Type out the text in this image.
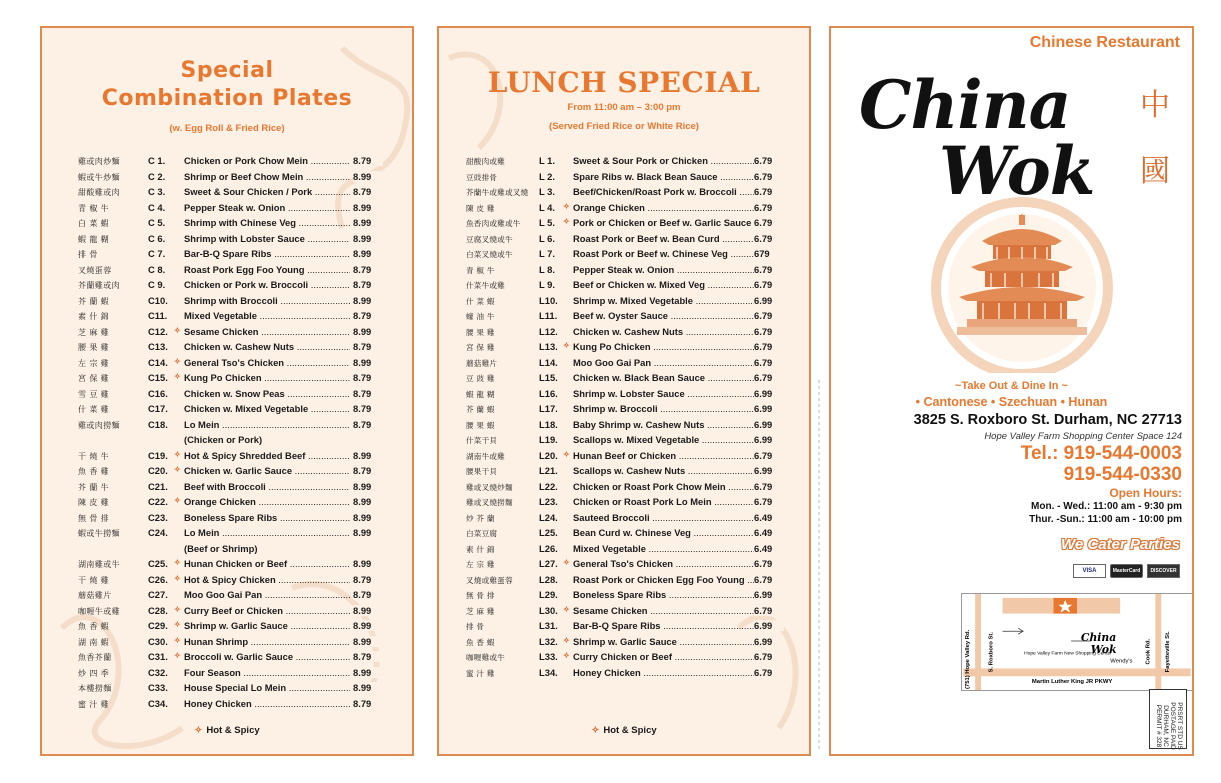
Special
Combination Plates
(w. Egg Roll & Fried Rice)
雞或肉炒麵	C 1.	Chicken or Pork Chow Mein .....	8.79
蝦或牛炒麵	C 2.	Shrimp or Beef Chow Mein .....	8.99
甜酸雞或肉	C 3.	Sweet & Sour Chicken / Pork .....	8.79
青 椒 牛	C 4.	Pepper Steak w. Onion .....	8.99
白 菜 蝦	C 5.	Shrimp with Chinese Veg .....	8.99
蝦 龍 糊	C 6.	Shrimp with Lobster Sauce .....	8.99
排 骨	C 7.	Bar-B-Q Spare Ribs .....	8.99
叉燒蛋蓉	C 8.	Roast Pork Egg Foo Young .....	8.79
芥蘭雞或肉	C 9.	Chicken or Pork w. Broccoli .....	8.79
芥 蘭 蝦	C10.	Shrimp with Broccoli .....	8.99
素 什 錦	C11.	Mixed Vegetable .....	8.79
芝 麻 雞	C12. ✧ Sesame Chicken .....	8.99
腰 果 雞	C13.	Chicken w. Cashew Nuts .....	8.79
左 宗 雞	C14. ✧ General Tso's Chicken .....	8.99
宮 保 雞	C15. ✧ Kung Po Chicken .....	8.79
雪 豆 雞	C16.	Chicken w. Snow Peas .....	8.79
什 菜 雞	C17.	Chicken w. Mixed Vegetable .....	8.79
雞或肉撈麵	C18.	Lo Mein .....	8.79
(Chicken or Pork)
干 燒 牛	C19. ✧ Hot & Spicy Shredded Beef .....	8.99
魚 香 雞	C20. ✧ Chicken w. Garlic Sauce .....	8.79
芥 蘭 牛	C21.	Beef with Broccoli .....	8.99
陳 皮 雞	C22. ✧ Orange Chicken .....	8.99
無 骨 排	C23.	Boneless Spare Ribs .....	8.99
蝦或牛撈麵	C24.	Lo Mein .....	8.99
(Beef or Shrimp)
湖南雞或牛	C25. ✧ Hunan Chicken or Beef .....	8.99
干 燒 雞	C26. ✧ Hot & Spicy Chicken .....	8.79
蘑菇雞片	C27.	Moo Goo Gai Pan .....	8.79
咖喱牛或雞	C28. ✧ Curry Beef or Chicken .....	8.99
魚 香 蝦	C29. ✧ Shrimp w. Garlic Sauce .....	8.99
湖 南 蝦	C30. ✧ Hunan Shrimp .....	8.99
魚香芥蘭	C31. ✧ Broccoli w. Garlic Sauce .....	8.79
炒 四 季	C32.	Four Season .....	8.99
本樓撈麵	C33.	House Special Lo Mein .....	8.99
蜜 汁 雞	C34.	Honey Chicken .....	8.79
✧ Hot & Spicy
LUNCH SPECIAL
From 11:00 am – 3:00 pm
(Served Fried Rice or White Rice)
甜酸肉或雞	L 1.	Sweet & Sour Pork or Chicken .....	6.79
豆豉排骨	L 2.	Spare Ribs w. Black Bean Sauce .....	6.79
芥蘭牛或雞或叉燒	L 3.	Beef/Chicken/Roast Pork w. Broccoli .....	6.79
陳 皮 雞	L 4.	✧ Orange Chicken .....	6.79
魚香肉或雞或牛	L 5.	✧ Pork or Chicken or Beef w. Garlic Sauce ..... 6.79
豆腐叉燒或牛	L 6.	Roast Pork or Beef w. Bean Curd .....	6.79
白菜叉燒或牛	L 7.	Roast Pork or Beef w. Chinese Veg .....	679
青 椒 牛	L 8.	Pepper Steak w. Onion .....	6.79
什菜牛或雞	L 9.	Beef or Chicken w. Mixed Veg .....	6.79
什 菜 蝦	L10.	Shrimp w. Mixed Vegetable .....	6.99
蠔 油 牛	L11.	Beef w. Oyster Sauce .....	6.79
腰 果 雞	L12.	Chicken w. Cashew Nuts .....	6.79
宮 保 雞	L13. ✧ Kung Po Chicken .....	6.79
蘑菇雞片	L14.	Moo Goo Gai Pan .....	6.79
豆 豉 雞	L15.	Chicken w. Black Bean Sauce .....	6.79
蝦 龍 糊	L16.	Shrimp w. Lobster Sauce .....	6.99
芥 蘭 蝦	L17.	Shrimp w. Broccoli .....	6.99
腰 果 蝦	L18.	Baby Shrimp w. Cashew Nuts .....	6.99
什菜干貝	L19.	Scallops w. Mixed Vegetable .....	6.99
湖南牛或雞	L20. ✧ Hunan Beef or Chicken .....	6.79
腰果干貝	L21.	Scallops w. Cashew Nuts .....	6.99
雞或叉燒炒麵	L22.	Chicken or Roast Pork Chow Mein .....	6.79
雞或叉燒撈麵	L23.	Chicken or Roast Pork Lo Mein .....	6.79
炒 芥 蘭	L24.	Sauteed Broccoli .....	6.49
白菜豆腐	L25.	Bean Curd w. Chinese Veg .....	6.49
素 什 錦	L26.	Mixed Vegetable .....	6.49
左 宗 雞	L27. ✧ General Tso's Chicken .....	6.79
叉燒或雞蛋蓉	L28.	Roast Pork or Chicken Egg Foo Young .....	6.79
無 骨 排	L29.	Boneless Spare Ribs .....	6.99
芝 麻 雞	L30. ✧ Sesame Chicken .....	6.79
排 骨	L31.	Bar-B-Q Spare Ribs .....	6.99
魚 香 蝦	L32. ✧ Shrimp w. Garlic Sauce .....	6.99
咖喱雞或牛	L33. ✧ Curry Chicken or Beef .....	6.79
蜜 汁 雞	L34.	Honey Chicken .....	6.79
✧ Hot & Spicy
Chinese Restaurant
China
Wok
中
國
~Take Out & Dine In ~
• Cantonese • Szechuan • Hunan
3825 S. Roxboro St. Durham, NC 27713
Hope Valley Farm Shopping Center Space 124
Tel.: 919-544-0003
919-544-0330
Open Hours:
Mon. - Wed.: 11:00 am - 9:30 pm
Thur. -Sun.: 11:00 am - 10:00 pm
We Cater Parties
VISA	MasterCard	DISCOVER
(751) Hope Valley Rd.	S. Roxboro St.	Cook Rd. Fayetteville St.
Martin Luther King JR PKWY
Hope Valley Farm New Shopping Center
Wendy's
China
Wok
PRSRT STD US POSTAGE PAID DURHAM, NC PERMIT # 328
